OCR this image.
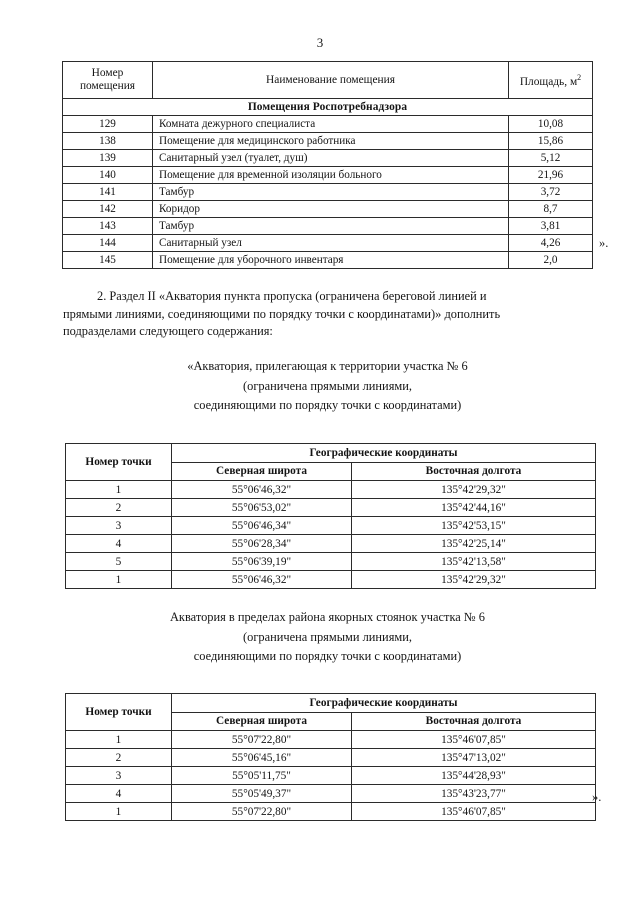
3
Номер
помещения	Наименование помещения	Площадь, $м^2$
Помещения Роспотребнадзора		
129	Комната дежурного специалиста	10,08
138	Помещение для медицинского работника	15,86
139	Санитарный узел (туалет, душ)	5,12
140	Помещение для временной изоляции больного	21,96
141	Тамбур	3,72
142	Коридор	8,7
143	Тамбур	3,81
144	Санитарный узел	4,26
145	Помещение для уборочного инвентаря	2,0
».

2. Раздел II «Акватория пункта пропуска (ограничена береговой линией и

прямыми линиями, соединяющими по порядку точки с координатами)» дополнить

подразделами следующего содержания:

«Акватория, прилегающая к территории участка № 6
(ограничена прямыми линиями,
соединяющими по порядку точки с координатами)
Номер точки	Географические координаты	
	Северная широта	Восточная долгота
1	55°06'46,32"	135°42'29,32"
2	55°06'53,02"	135°42'44,16"
3	55°06'46,34"	135°42'53,15"
4	55°06'28,34"	135°42'25,14"
5	55°06'39,19"	135°42'13,58"
1	55°06'46,32"	135°42'29,32"
Акватория в пределах района якорных стоянок участка № 6
(ограничена прямыми линиями,
соединяющими по порядку точки с координатами)
Номер точки	Географические координаты	
	Северная широта	Восточная долгота
1	55°07'22,80"	135°46'07,85"
2	55°06'45,16"	135°47'13,02"
3	55°05'11,75"	135°44'28,93"
4	55°05'49,37"	135°43'23,77"
1	55°07'22,80"	135°46'07,85"
».
